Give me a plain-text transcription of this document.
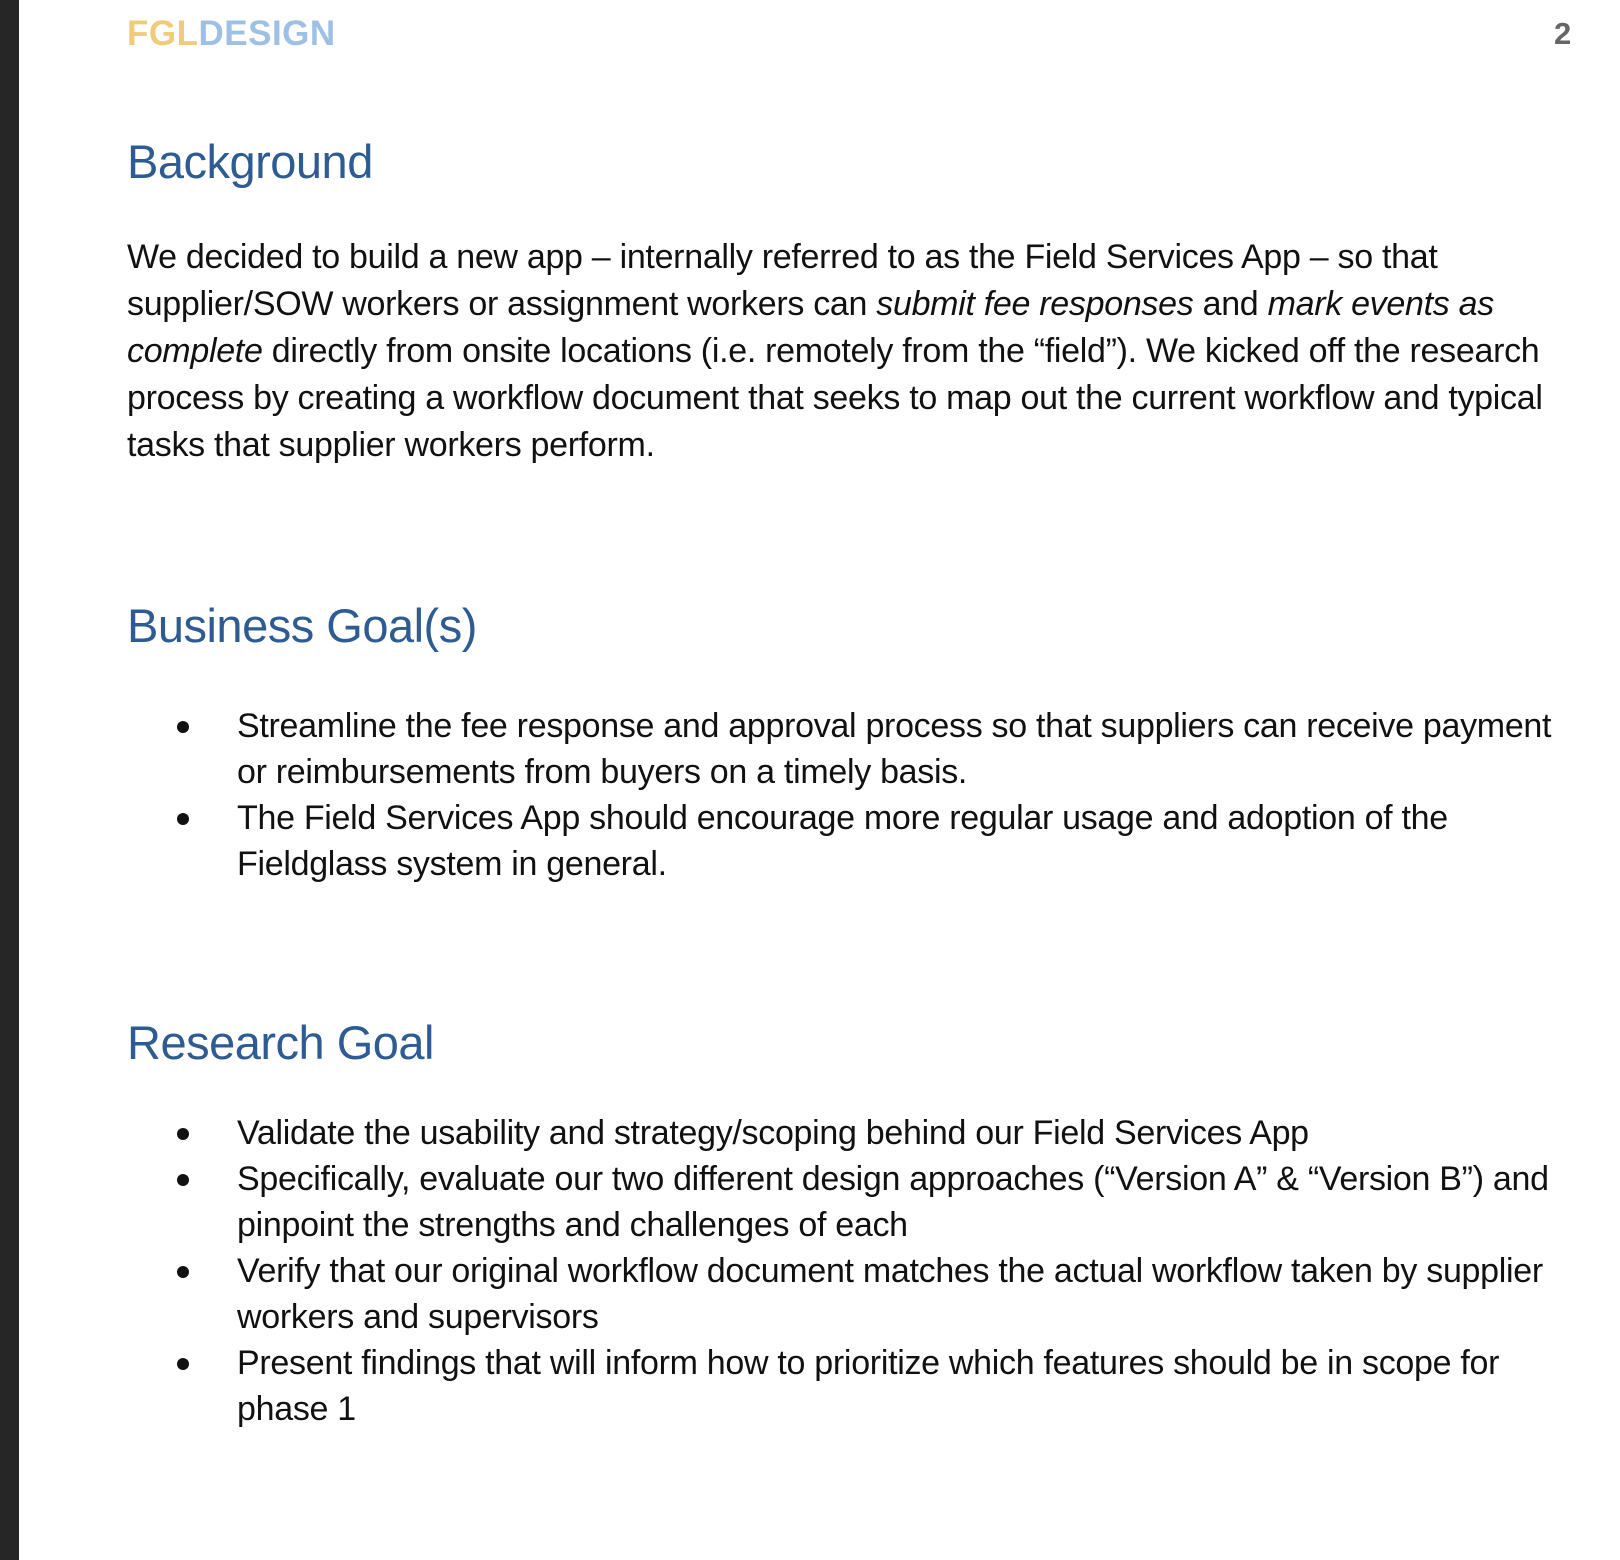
FGLDESIGN	2
Background

We decided to build a new app – internally referred to as the Field Services App – so that supplier/SOW workers or assignment workers can submit fee responses and mark events as complete directly from onsite locations (i.e. remotely from the “field”). We kicked off the research process by creating a workflow document that seeks to map out the current workflow and typical tasks that supplier workers perform.

Business Goal(s)
Streamline the fee response and approval process so that suppliers can receive payment or reimbursements from buyers on a timely basis.
The Field Services App should encourage more regular usage and adoption of the Fieldglass system in general.
Research Goal
Validate the usability and strategy/scoping behind our Field Services App
Specifically, evaluate our two different design approaches (“Version A” & “Version B”) and pinpoint the strengths and challenges of each
Verify that our original workflow document matches the actual workflow taken by supplier workers and supervisors
Present findings that will inform how to prioritize which features should be in scope for phase 1
